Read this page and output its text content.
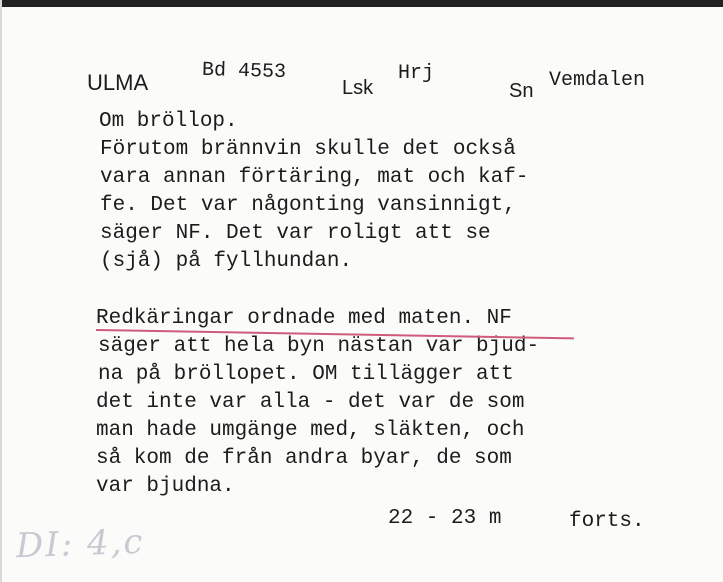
ULMA	Bd 4553
Lsk
Hrj
Sn Vemdalen
Om bröllop.
Förutom brännvin skulle det också
vara annan förtäring, mat och kaf-
fe. Det var någonting vansinnigt,
säger NF. Det var roligt att se
(sjå) på fyllhundan.
Redkäringar ordnade med maten. NF
säger att hela byn nästan var bjud-
na på bröllopet. OM tillägger att
det inte var alla - det var de som
man hade umgänge med, släkten, och
så kom de från andra byar, de som
var bjudna.
22 - 23 m	forts.
DI: 4,c
